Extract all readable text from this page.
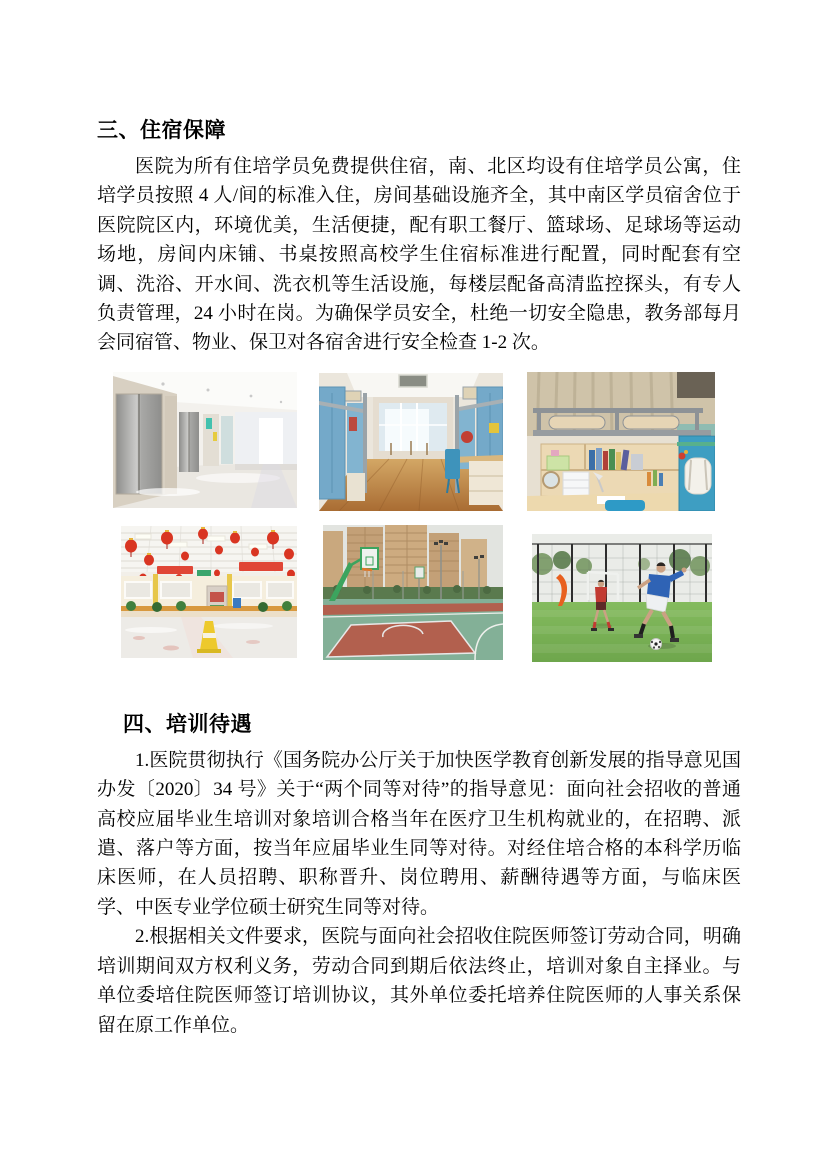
三、住宿保障

医院为所有住培学员免费提供住宿，南、北区均设有住培学员公寓，住培学员按照 4 人/间的标准入住，房间基础设施齐全，其中南区学员宿舍位于医院院区内，环境优美，生活便捷，配有职工餐厅、篮球场、足球场等运动场地，房间内床铺、书桌按照高校学生住宿标准进行配置，同时配套有空调、洗浴、开水间、洗衣机等生活设施，每楼层配备高清监控探头，有专人负责管理，24 小时在岗。为确保学员安全，杜绝一切安全隐患，教务部每月会同宿管、物业、保卫对各宿舍进行安全检查 1-2 次。

四、培训待遇

1.医院贯彻执行《国务院办公厅关于加快医学教育创新发展的指导意见国办发〔2020〕34 号》关于“两个同等对待”的指导意见：面向社会招收的普通高校应届毕业生培训对象培训合格当年在医疗卫生机构就业的，在招聘、派遣、落户等方面，按当年应届毕业生同等对待。对经住培合格的本科学历临床医师，在人员招聘、职称晋升、岗位聘用、薪酬待遇等方面，与临床医学、中医专业学位硕士研究生同等对待。

2.根据相关文件要求，医院与面向社会招收住院医师签订劳动合同，明确培训期间双方权利义务，劳动合同到期后依法终止，培训对象自主择业。与单位委培住院医师签订培训协议，其外单位委托培养住院医师的人事关系保留在原工作单位。
